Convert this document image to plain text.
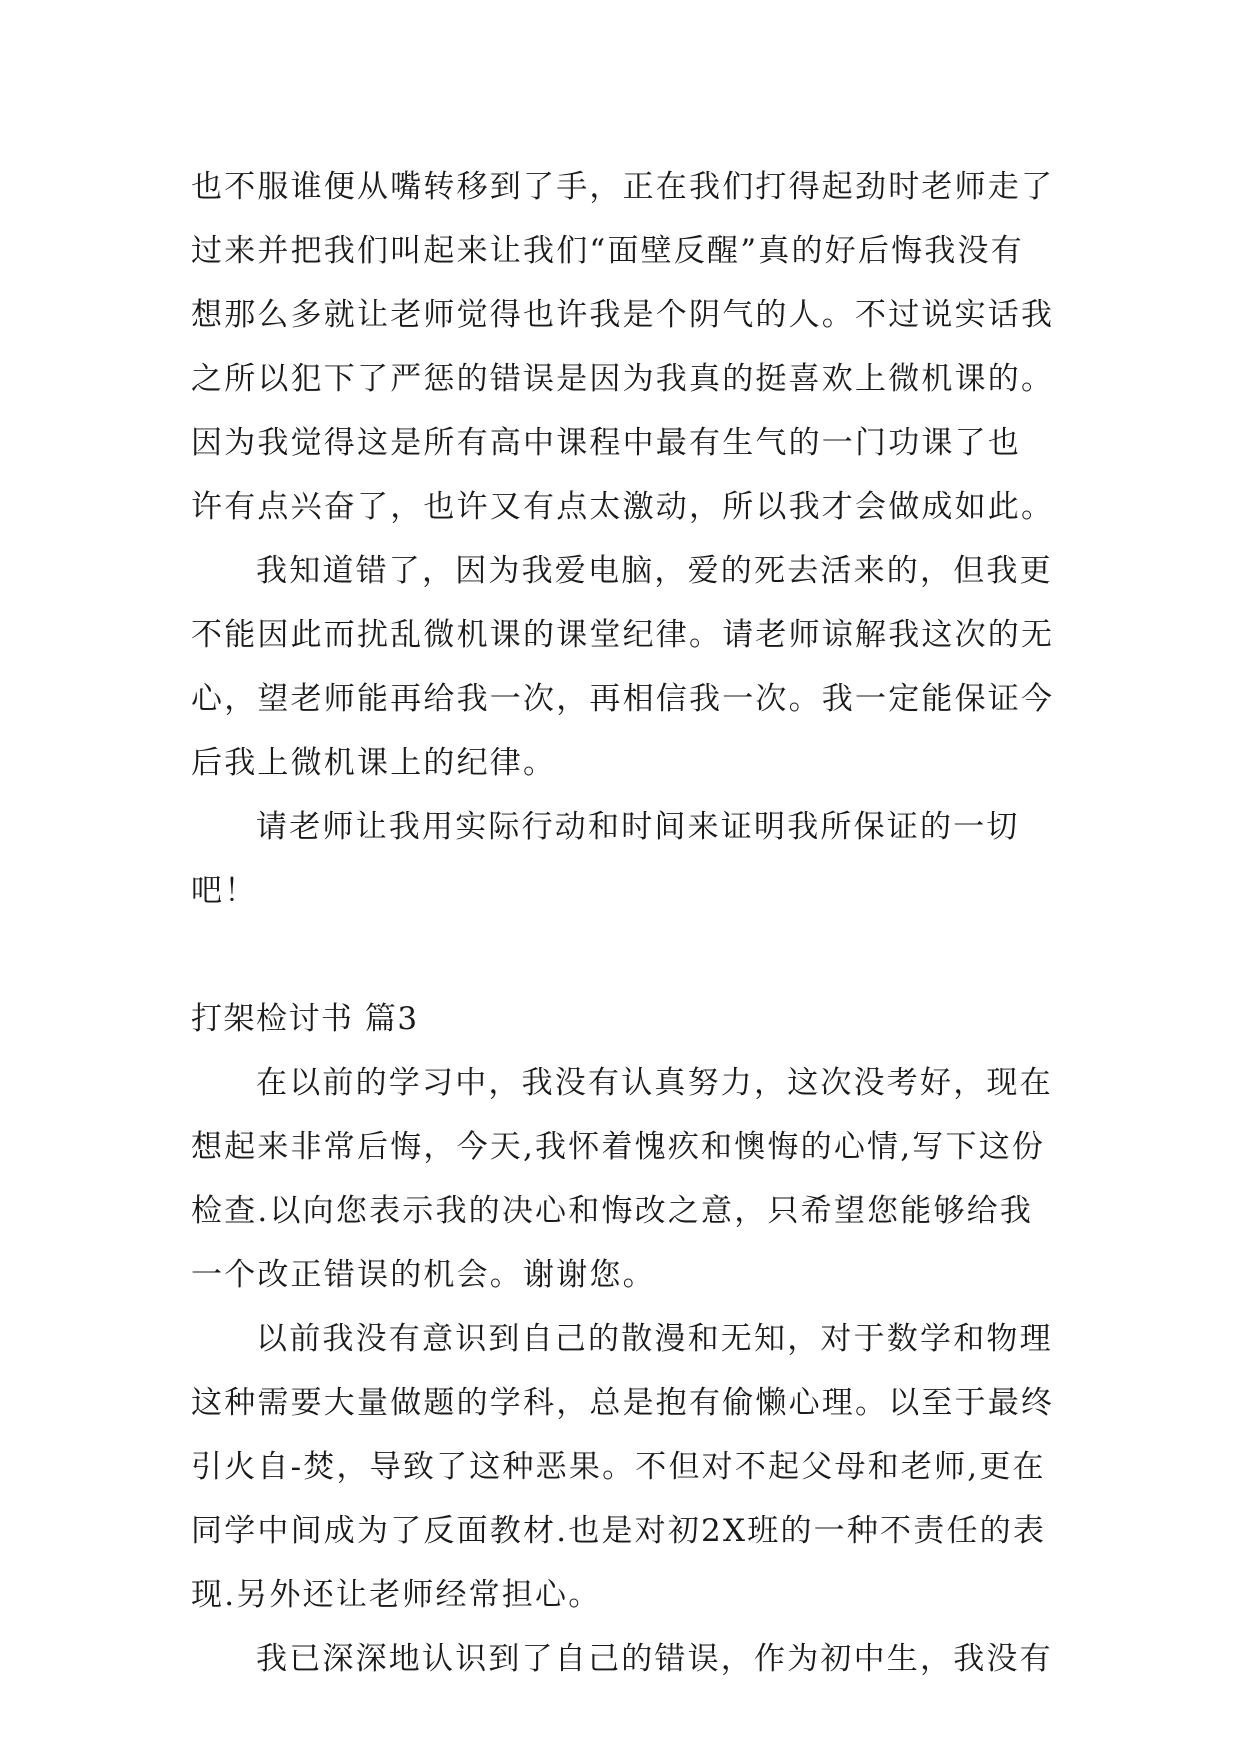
也不服谁便从嘴转移到了手，正在我们打得起劲时老师走了
过来并把我们叫起来让我们“面壁反醒”真的好后悔我没有
想那么多就让老师觉得也许我是个阴气的人。不过说实话我
之所以犯下了严惩的错误是因为我真的挺喜欢上微机课的。
因为我觉得这是所有高中课程中最有生气的一门功课了也
许有点兴奋了，也许又有点太激动，所以我才会做成如此。
我知道错了，因为我爱电脑，爱的死去活来的，但我更
不能因此而扰乱微机课的课堂纪律。请老师谅解我这次的无
心，望老师能再给我一次，再相信我一次。我一定能保证今
后我上微机课上的纪律。
请老师让我用实际行动和时间来证明我所保证的一切
吧！
打架检讨书 篇3
在以前的学习中，我没有认真努力，这次没考好，现在
想起来非常后悔，今天,我怀着愧疚和懊悔的心情,写下这份
检查.以向您表示我的决心和悔改之意，只希望您能够给我
一个改正错误的机会。谢谢您。
以前我没有意识到自己的散漫和无知，对于数学和物理
这种需要大量做题的学科，总是抱有偷懒心理。以至于最终
引火自-焚，导致了这种恶果。不但对不起父母和老师,更在
同学中间成为了反面教材.也是对初2X班的一种不责任的表
现.另外还让老师经常担心。
我已深深地认识到了自己的错误，作为初中生，我没有
